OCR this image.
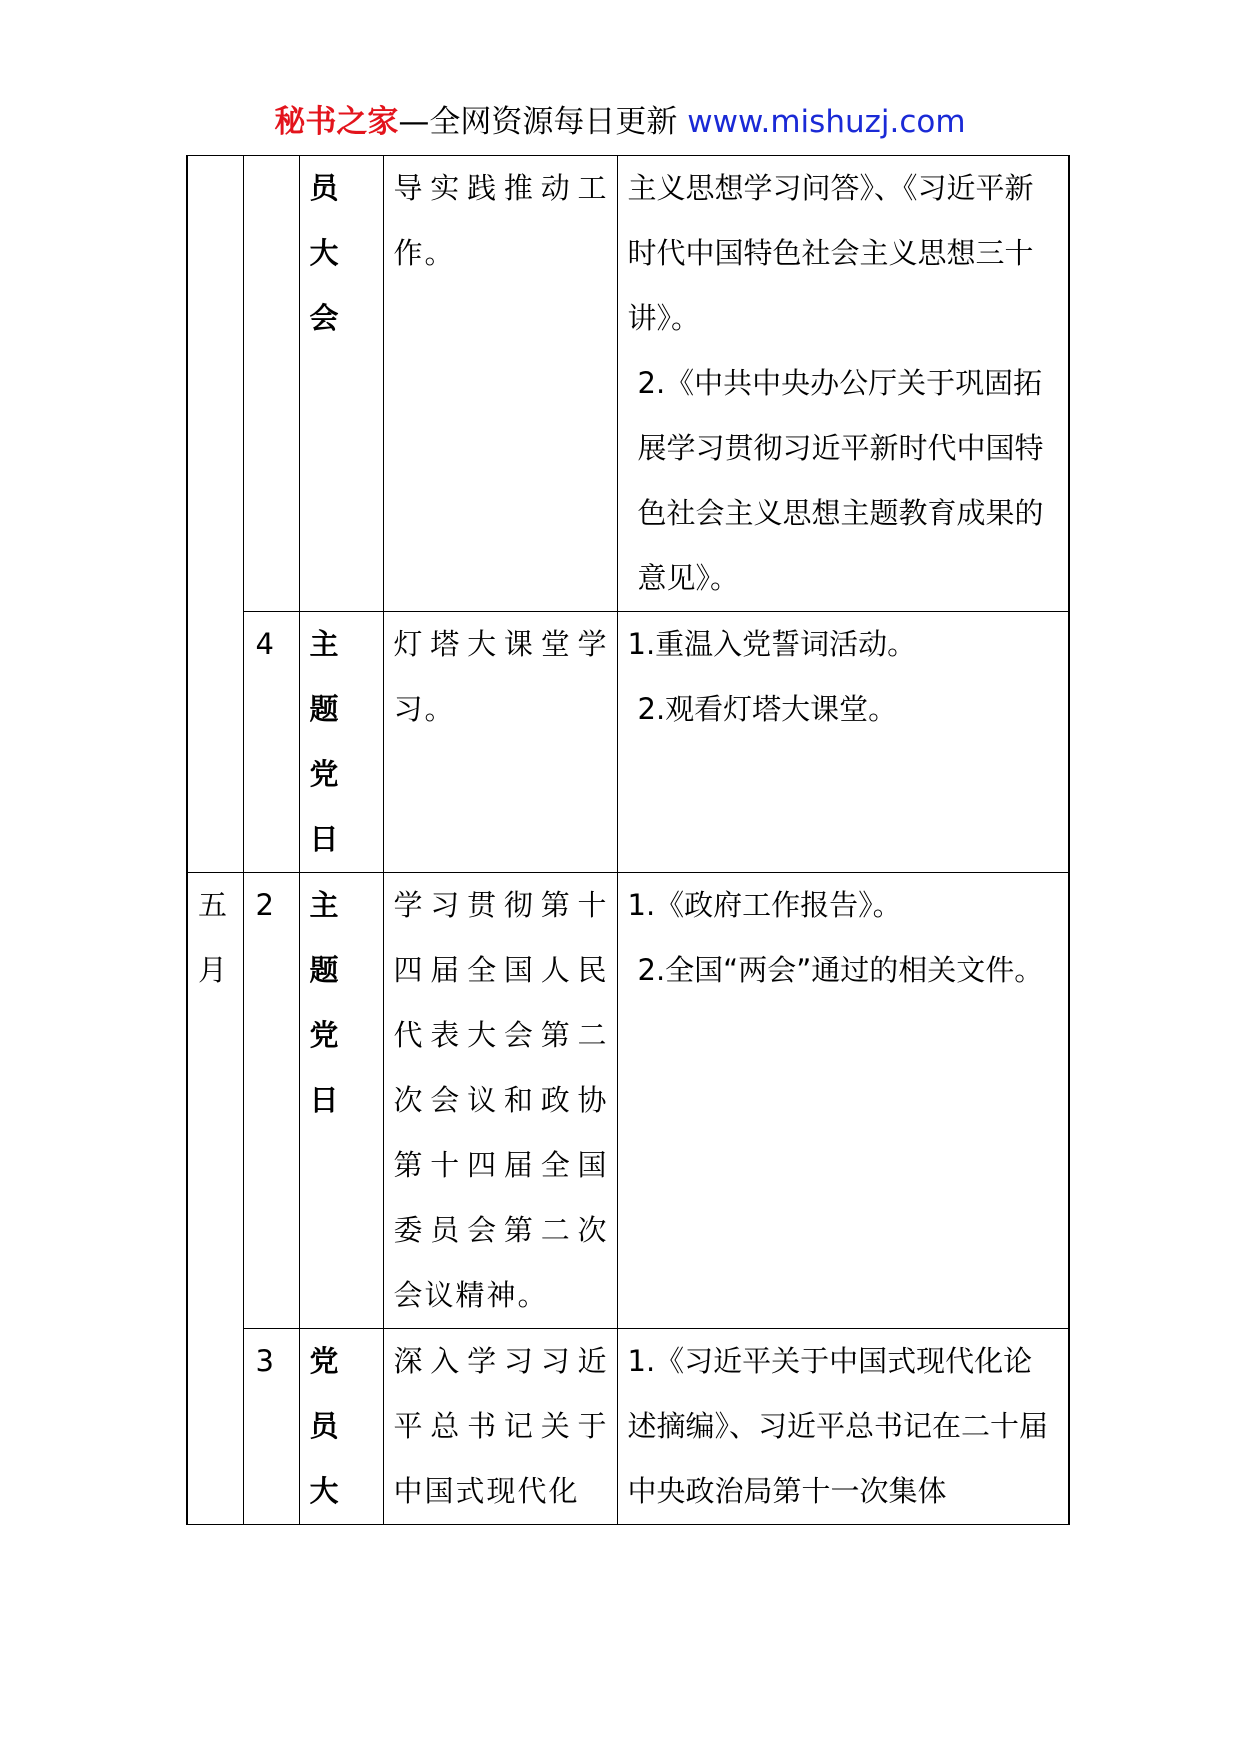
秘书之家—全网资源每日更新 www.mishuzj.com

		员
大
会	导实践推动工作。	主义思想学习问答》、《习近平新时代中国特色社会主义思想三十讲》。
2.《中共中央办公厅关于巩固拓展学习贯彻习近平新时代中国特色社会主义思想主题教育成果的意见》。

	4	主
题
党
日	灯塔大课堂学习。	1.重温入党誓词活动。
2.观看灯塔大课堂。

五
月	2	主
题
党
日	学习贯彻第十四届全国人民代表大会第二次会议和政协第十四届全国委员会第二次会议精神。	1.《政府工作报告》。
2.全国“两会”通过的相关文件。

	3	党
员
大	深入学习习近平总书记关于中国式现代化	1.《习近平关于中国式现代化论述摘编》、习近平总书记在二十届中央政治局第十一次集体
